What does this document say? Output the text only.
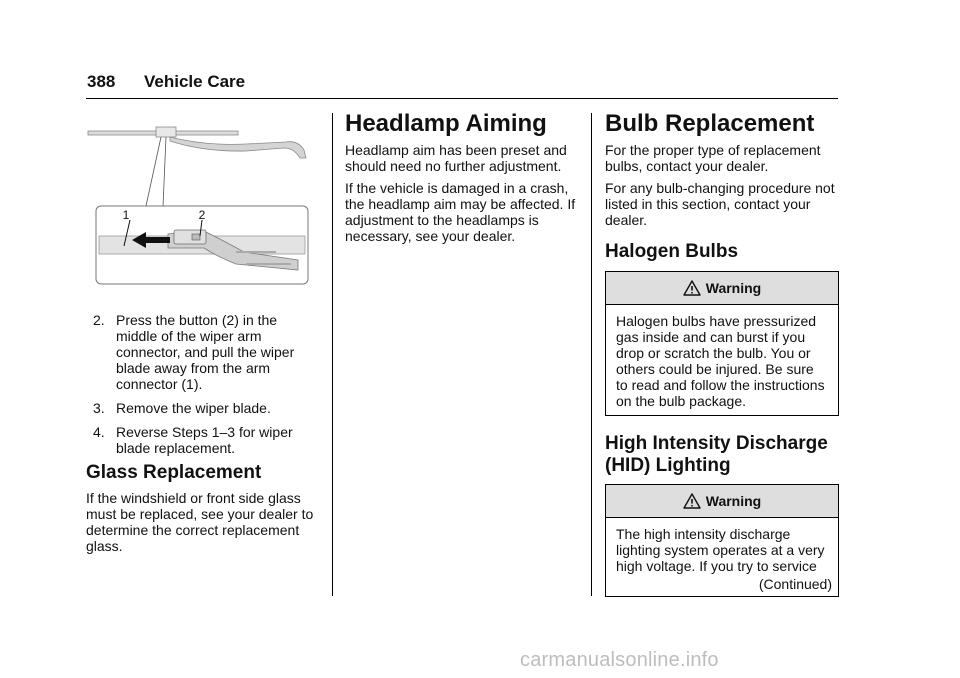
388 Vehicle Care
1	2
2. Press the button (2) in the middle of the wiper arm connector, and pull the wiper blade away from the arm connector (1).
3. Remove the wiper blade.
4. Reverse Steps 1–3 for wiper blade replacement.
Glass Replacement
If the windshield or front side glass must be replaced, see your dealer to determine the correct replacement glass.
Headlamp Aiming
Headlamp aim has been preset and should need no further adjustment.
If the vehicle is damaged in a crash, the headlamp aim may be affected. If adjustment to the headlamps is necessary, see your dealer.
Bulb Replacement
For the proper type of replacement bulbs, contact your dealer.
For any bulb-changing procedure not listed in this section, contact your dealer.
Halogen Bulbs
Warning
Halogen bulbs have pressurized gas inside and can burst if you drop or scratch the bulb. You or others could be injured. Be sure to read and follow the instructions on the bulb package.
High Intensity Discharge (HID) Lighting
Warning
The high intensity discharge lighting system operates at a very high voltage. If you try to service
(Continued)
carmanualsonline.info
